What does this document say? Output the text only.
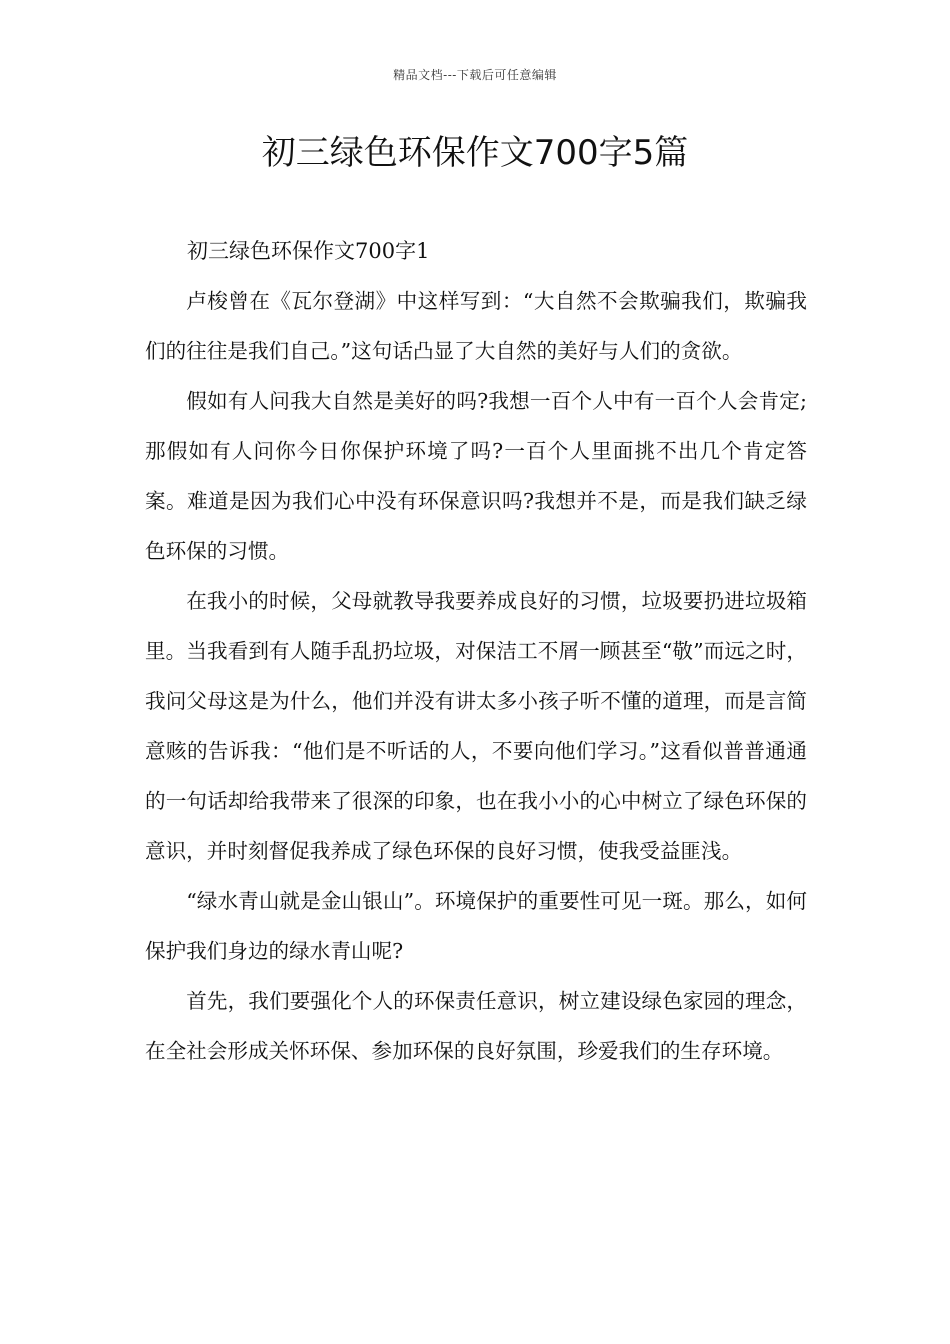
精品文档---下载后可任意编辑
初三绿色环保作文700字5篇
初三绿色环保作文700字1

卢梭曾在《瓦尔登湖》中这样写到：“大自然不会欺骗我们，欺骗我们的往往是我们自己。”这句话凸显了大自然的美好与人们的贪欲。

假如有人问我大自然是美好的吗?我想一百个人中有一百个人会肯定;那假如有人问你今日你保护环境了吗?一百个人里面挑不出几个肯定答案。难道是因为我们心中没有环保意识吗?我想并不是，而是我们缺乏绿色环保的习惯。

在我小的时候，父母就教导我要养成良好的习惯，垃圾要扔进垃圾箱里。当我看到有人随手乱扔垃圾，对保洁工不屑一顾甚至“敬”而远之时，我问父母这是为什么，他们并没有讲太多小孩子听不懂的道理，而是言简意赅的告诉我：“他们是不听话的人，不要向他们学习。”这看似普普通通的一句话却给我带来了很深的印象，也在我小小的心中树立了绿色环保的意识，并时刻督促我养成了绿色环保的良好习惯，使我受益匪浅。

“绿水青山就是金山银山”。环境保护的重要性可见一斑。那么，如何保护我们身边的绿水青山呢?

首先，我们要强化个人的环保责任意识，树立建设绿色家园的理念，在全社会形成关怀环保、参加环保的良好氛围，珍爱我们的生存环境。
